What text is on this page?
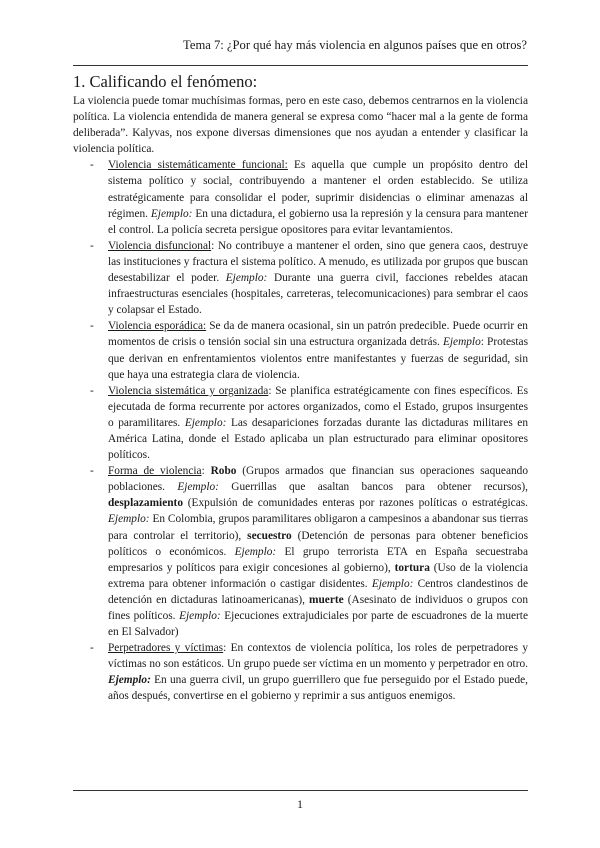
Tema 7: ¿Por qué hay más violencia en algunos países que en otros?
1. Calificando el fenómeno:

La violencia puede tomar muchísimas formas, pero en este caso, debemos centrarnos en la violencia política. La violencia entendida de manera general se expresa como “hacer mal a la gente de forma deliberada”. Kalyvas, nos expone diversas dimensiones que nos ayudan a entender y clasificar la violencia política.

- Violencia sistemáticamente funcional: Es aquella que cumple un propósito dentro del sistema político y social, contribuyendo a mantener el orden establecido. Se utiliza estratégicamente para consolidar el poder, suprimir disidencias o eliminar amenazas al régimen. Ejemplo: En una dictadura, el gobierno usa la represión y la censura para mantener el control. La policía secreta persigue opositores para evitar levantamientos.
- Violencia disfuncional: No contribuye a mantener el orden, sino que genera caos, destruye las instituciones y fractura el sistema político. A menudo, es utilizada por grupos que buscan desestabilizar el poder. Ejemplo: Durante una guerra civil, facciones rebeldes atacan infraestructuras esenciales (hospitales, carreteras, telecomunicaciones) para sembrar el caos y colapsar el Estado.
- Violencia esporádica: Se da de manera ocasional, sin un patrón predecible. Puede ocurrir en momentos de crisis o tensión social sin una estructura organizada detrás. Ejemplo: Protestas que derivan en enfrentamientos violentos entre manifestantes y fuerzas de seguridad, sin que haya una estrategia clara de violencia.
- Violencia sistemática y organizada: Se planifica estratégicamente con fines específicos. Es ejecutada de forma recurrente por actores organizados, como el Estado, grupos insurgentes o paramilitares. Ejemplo: Las desapariciones forzadas durante las dictaduras militares en América Latina, donde el Estado aplicaba un plan estructurado para eliminar opositores políticos.
- Forma de violencia: Robo (Grupos armados que financian sus operaciones saqueando poblaciones. Ejemplo: Guerrillas que asaltan bancos para obtener recursos), desplazamiento (Expulsión de comunidades enteras por razones políticas o estratégicas. Ejemplo: En Colombia, grupos paramilitares obligaron a campesinos a abandonar sus tierras para controlar el territorio), secuestro (Detención de personas para obtener beneficios políticos o económicos. Ejemplo: El grupo terrorista ETA en España secuestraba empresarios y políticos para exigir concesiones al gobierno), tortura (Uso de la violencia extrema para obtener información o castigar disidentes. Ejemplo: Centros clandestinos de detención en dictaduras latinoamericanas), muerte (Asesinato de individuos o grupos con fines políticos. Ejemplo: Ejecuciones extrajudiciales por parte de escuadrones de la muerte en El Salvador)
- Perpetradores y víctimas: En contextos de violencia política, los roles de perpetradores y víctimas no son estáticos. Un grupo puede ser víctima en un momento y perpetrador en otro. Ejemplo: En una guerra civil, un grupo guerrillero que fue perseguido por el Estado puede, años después, convertirse en el gobierno y reprimir a sus antiguos enemigos.
1
